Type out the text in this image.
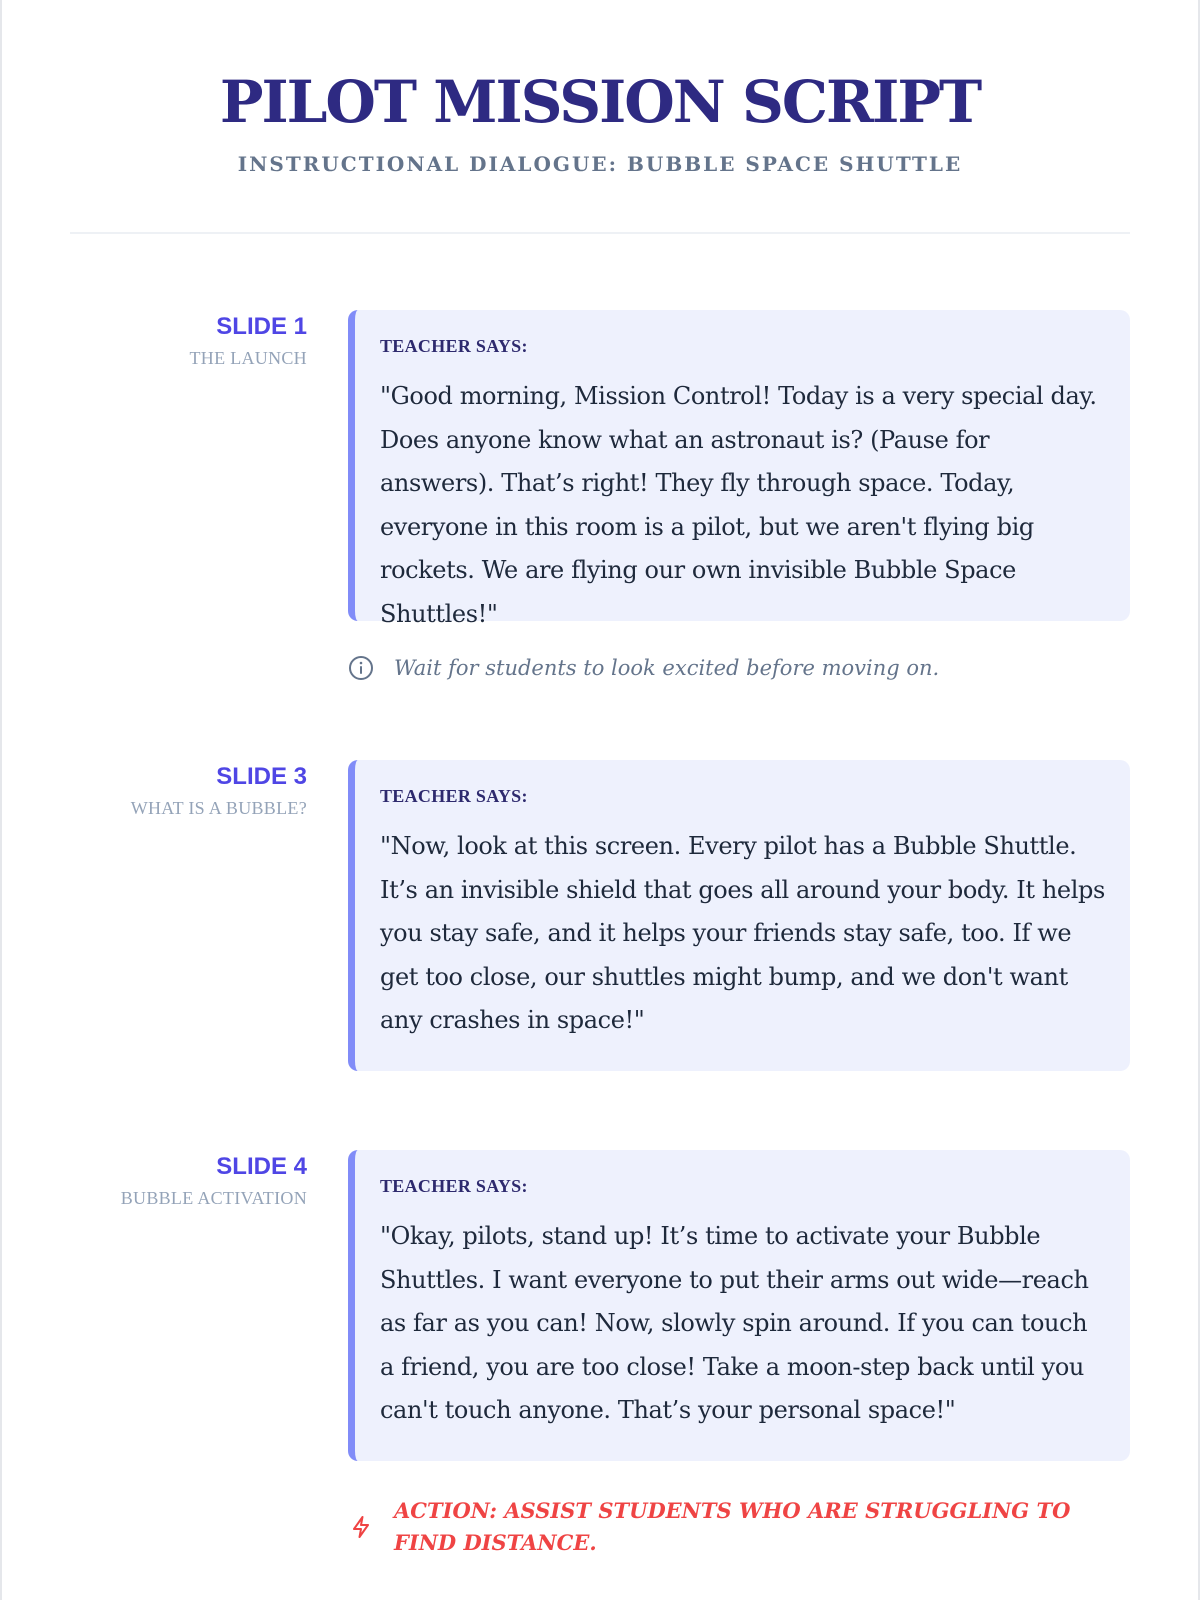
PILOT MISSION SCRIPT
INSTRUCTIONAL DIALOGUE: BUBBLE SPACE SHUTTLE
SLIDE 1
THE LAUNCH
TEACHER SAYS:
"Good morning, Mission Control! Today is a very special day. Does anyone know what an astronaut is? (Pause for answers). That’s right! They fly through space. Today, everyone in this room is a pilot, but we aren't flying big rockets. We are flying our own invisible Bubble Space Shuttles!"
Wait for students to look excited before moving on.
SLIDE 3
WHAT IS A BUBBLE?
TEACHER SAYS:
"Now, look at this screen. Every pilot has a Bubble Shuttle. It’s an invisible shield that goes all around your body. It helps you stay safe, and it helps your friends stay safe, too. If we get too close, our shuttles might bump, and we don't want any crashes in space!"
SLIDE 4
BUBBLE ACTIVATION
TEACHER SAYS:
"Okay, pilots, stand up! It’s time to activate your Bubble Shuttles. I want everyone to put their arms out wide—reach as far as you can! Now, slowly spin around. If you can touch a friend, you are too close! Take a moon-step back until you can't touch anyone. That’s your personal space!"
ACTION: ASSIST STUDENTS WHO ARE STRUGGLING TO FIND DISTANCE.
